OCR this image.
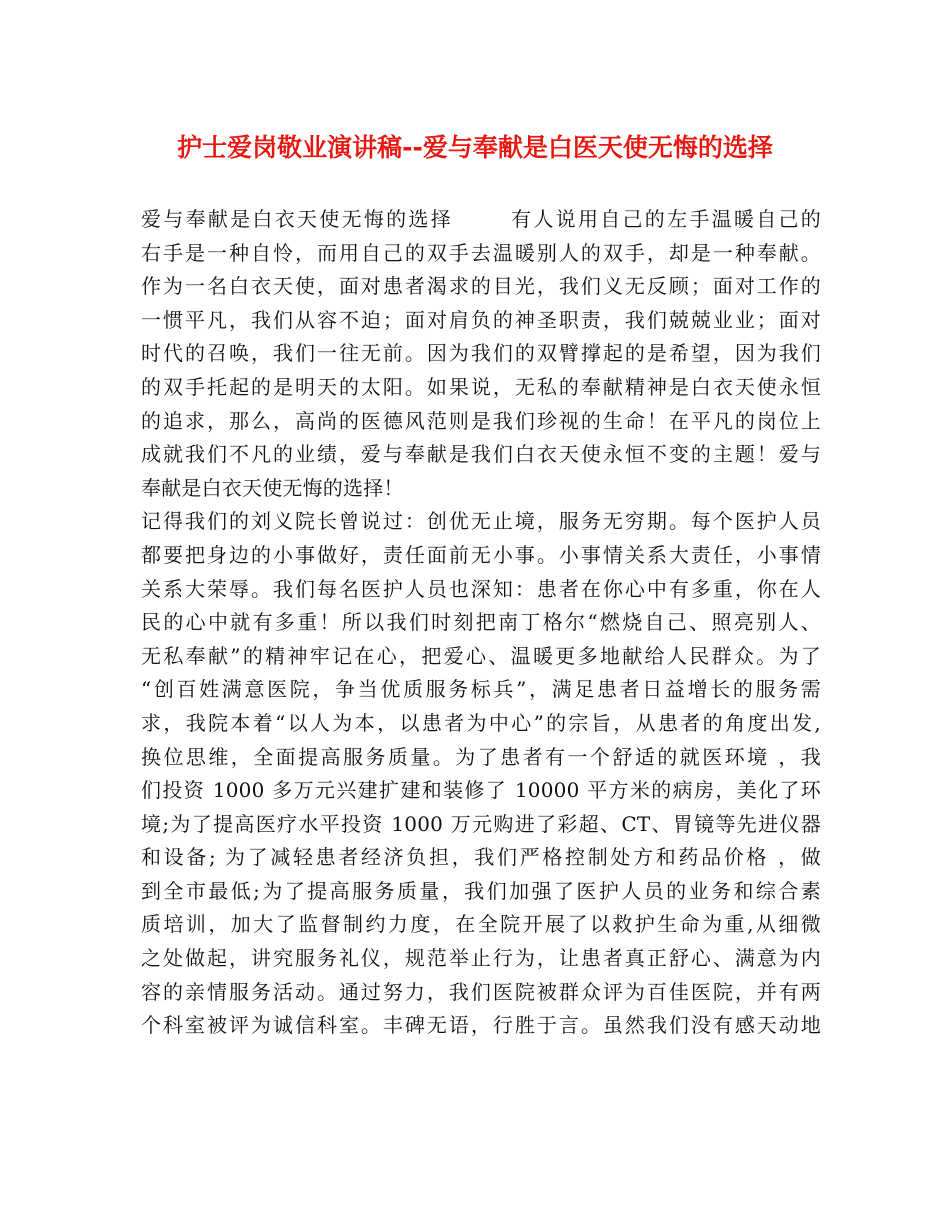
护士爱岗敬业演讲稿--爱与奉献是白医天使无悔的选择
爱与奉献是白衣天使无悔的选择	有人说用自己的左手温暖自己的
右手是一种自怜，而用自己的双手去温暖别人的双手，却是一种奉献。
作为一名白衣天使，面对患者渴求的目光，我们义无反顾；面对工作的
一惯平凡，我们从容不迫；面对肩负的神圣职责，我们兢兢业业；面对
时代的召唤，我们一往无前。因为我们的双臂撑起的是希望，因为我们
的双手托起的是明天的太阳。如果说，无私的奉献精神是白衣天使永恒
的追求，那么，高尚的医德风范则是我们珍视的生命！在平凡的岗位上
成就我们不凡的业绩，爱与奉献是我们白衣天使永恒不变的主题！爱与
奉献是白衣天使无悔的选择！
记得我们的刘义院长曾说过：创优无止境，服务无穷期。每个医护人员
都要把身边的小事做好，责任面前无小事。小事情关系大责任，小事情
关系大荣辱。我们每名医护人员也深知：患者在你心中有多重，你在人
民的心中就有多重！所以我们时刻把南丁格尔“燃烧自己、照亮别人、
无私奉献”的精神牢记在心，把爱心、温暖更多地献给人民群众。为了
“创百姓满意医院，争当优质服务标兵”，满足患者日益增长的服务需
求，我院本着“以人为本，以患者为中心”的宗旨，从患者的角度出发,
换位思维，全面提高服务质量。为了患者有一个舒适的就医环境 ，我
们投资 1000 多万元兴建扩建和装修了 10000 平方米的病房，美化了环
境;为了提高医疗水平投资 1000 万元购进了彩超、CT、胃镜等先进仪器
和设备; 为了减轻患者经济负担，我们严格控制处方和药品价格 ，做
到全市最低;为了提高服务质量，我们加强了医护人员的业务和综合素
质培训，加大了监督制约力度，在全院开展了以救护生命为重,从细微
之处做起，讲究服务礼仪，规范举止行为，让患者真正舒心、满意为内
容的亲情服务活动。通过努力，我们医院被群众评为百佳医院，并有两
个科室被评为诚信科室。丰碑无语，行胜于言。虽然我们没有感天动地
